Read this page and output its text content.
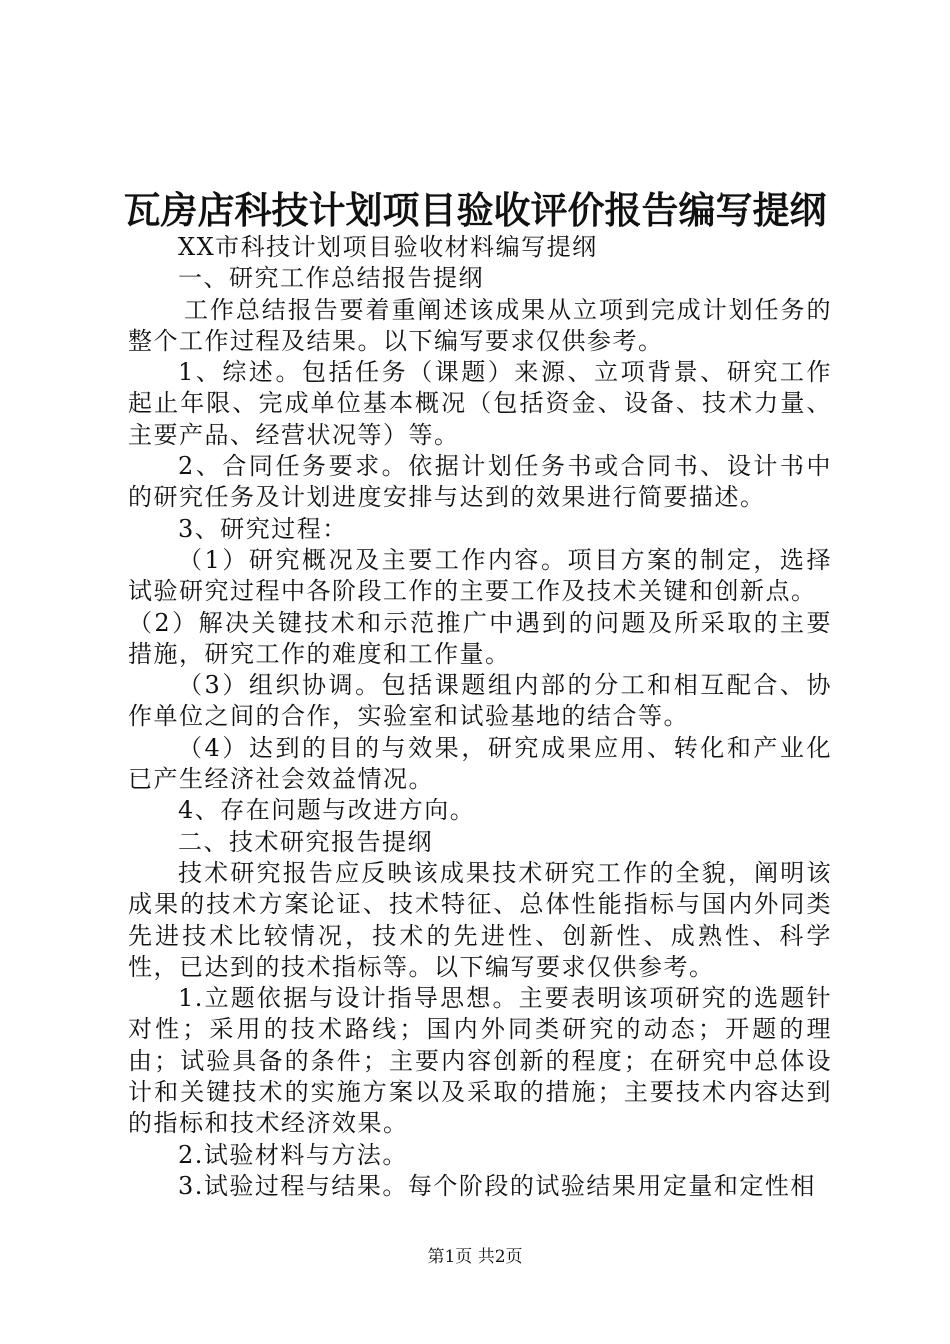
瓦房店科技计划项目验收评价报告编写提纲

XX市科技计划项目验收材料编写提纲

一、研究工作总结报告提纲

工作总结报告要着重阐述该成果从立项到完成计划任务的整个工作过程及结果。以下编写要求仅供参考。

1、综述。包括任务（课题）来源、立项背景、研究工作起止年限、完成单位基本概况（包括资金、设备、技术力量、主要产品、经营状况等）等。

2、合同任务要求。依据计划任务书或合同书、设计书中的研究任务及计划进度安排与达到的效果进行简要描述。

3、研究过程：

（1）研究概况及主要工作内容。项目方案的制定，选择试验研究过程中各阶段工作的主要工作及技术关键和创新点。

（2）解决关键技术和示范推广中遇到的问题及所采取的主要措施，研究工作的难度和工作量。

（3）组织协调。包括课题组内部的分工和相互配合、协作单位之间的合作，实验室和试验基地的结合等。

（4）达到的目的与效果，研究成果应用、转化和产业化已产生经济社会效益情况。

4、存在问题与改进方向。

二、技术研究报告提纲

技术研究报告应反映该成果技术研究工作的全貌，阐明该成果的技术方案论证、技术特征、总体性能指标与国内外同类先进技术比较情况，技术的先进性、创新性、成熟性、科学性，已达到的技术指标等。以下编写要求仅供参考。

1.立题依据与设计指导思想。主要表明该项研究的选题针对性；采用的技术路线；国内外同类研究的动态；开题的理由；试验具备的条件；主要内容创新的程度；在研究中总体设计和关键技术的实施方案以及采取的措施；主要技术内容达到的指标和技术经济效果。

2.试验材料与方法。

3.试验过程与结果。每个阶段的试验结果用定量和定性相

第1页 共2页
